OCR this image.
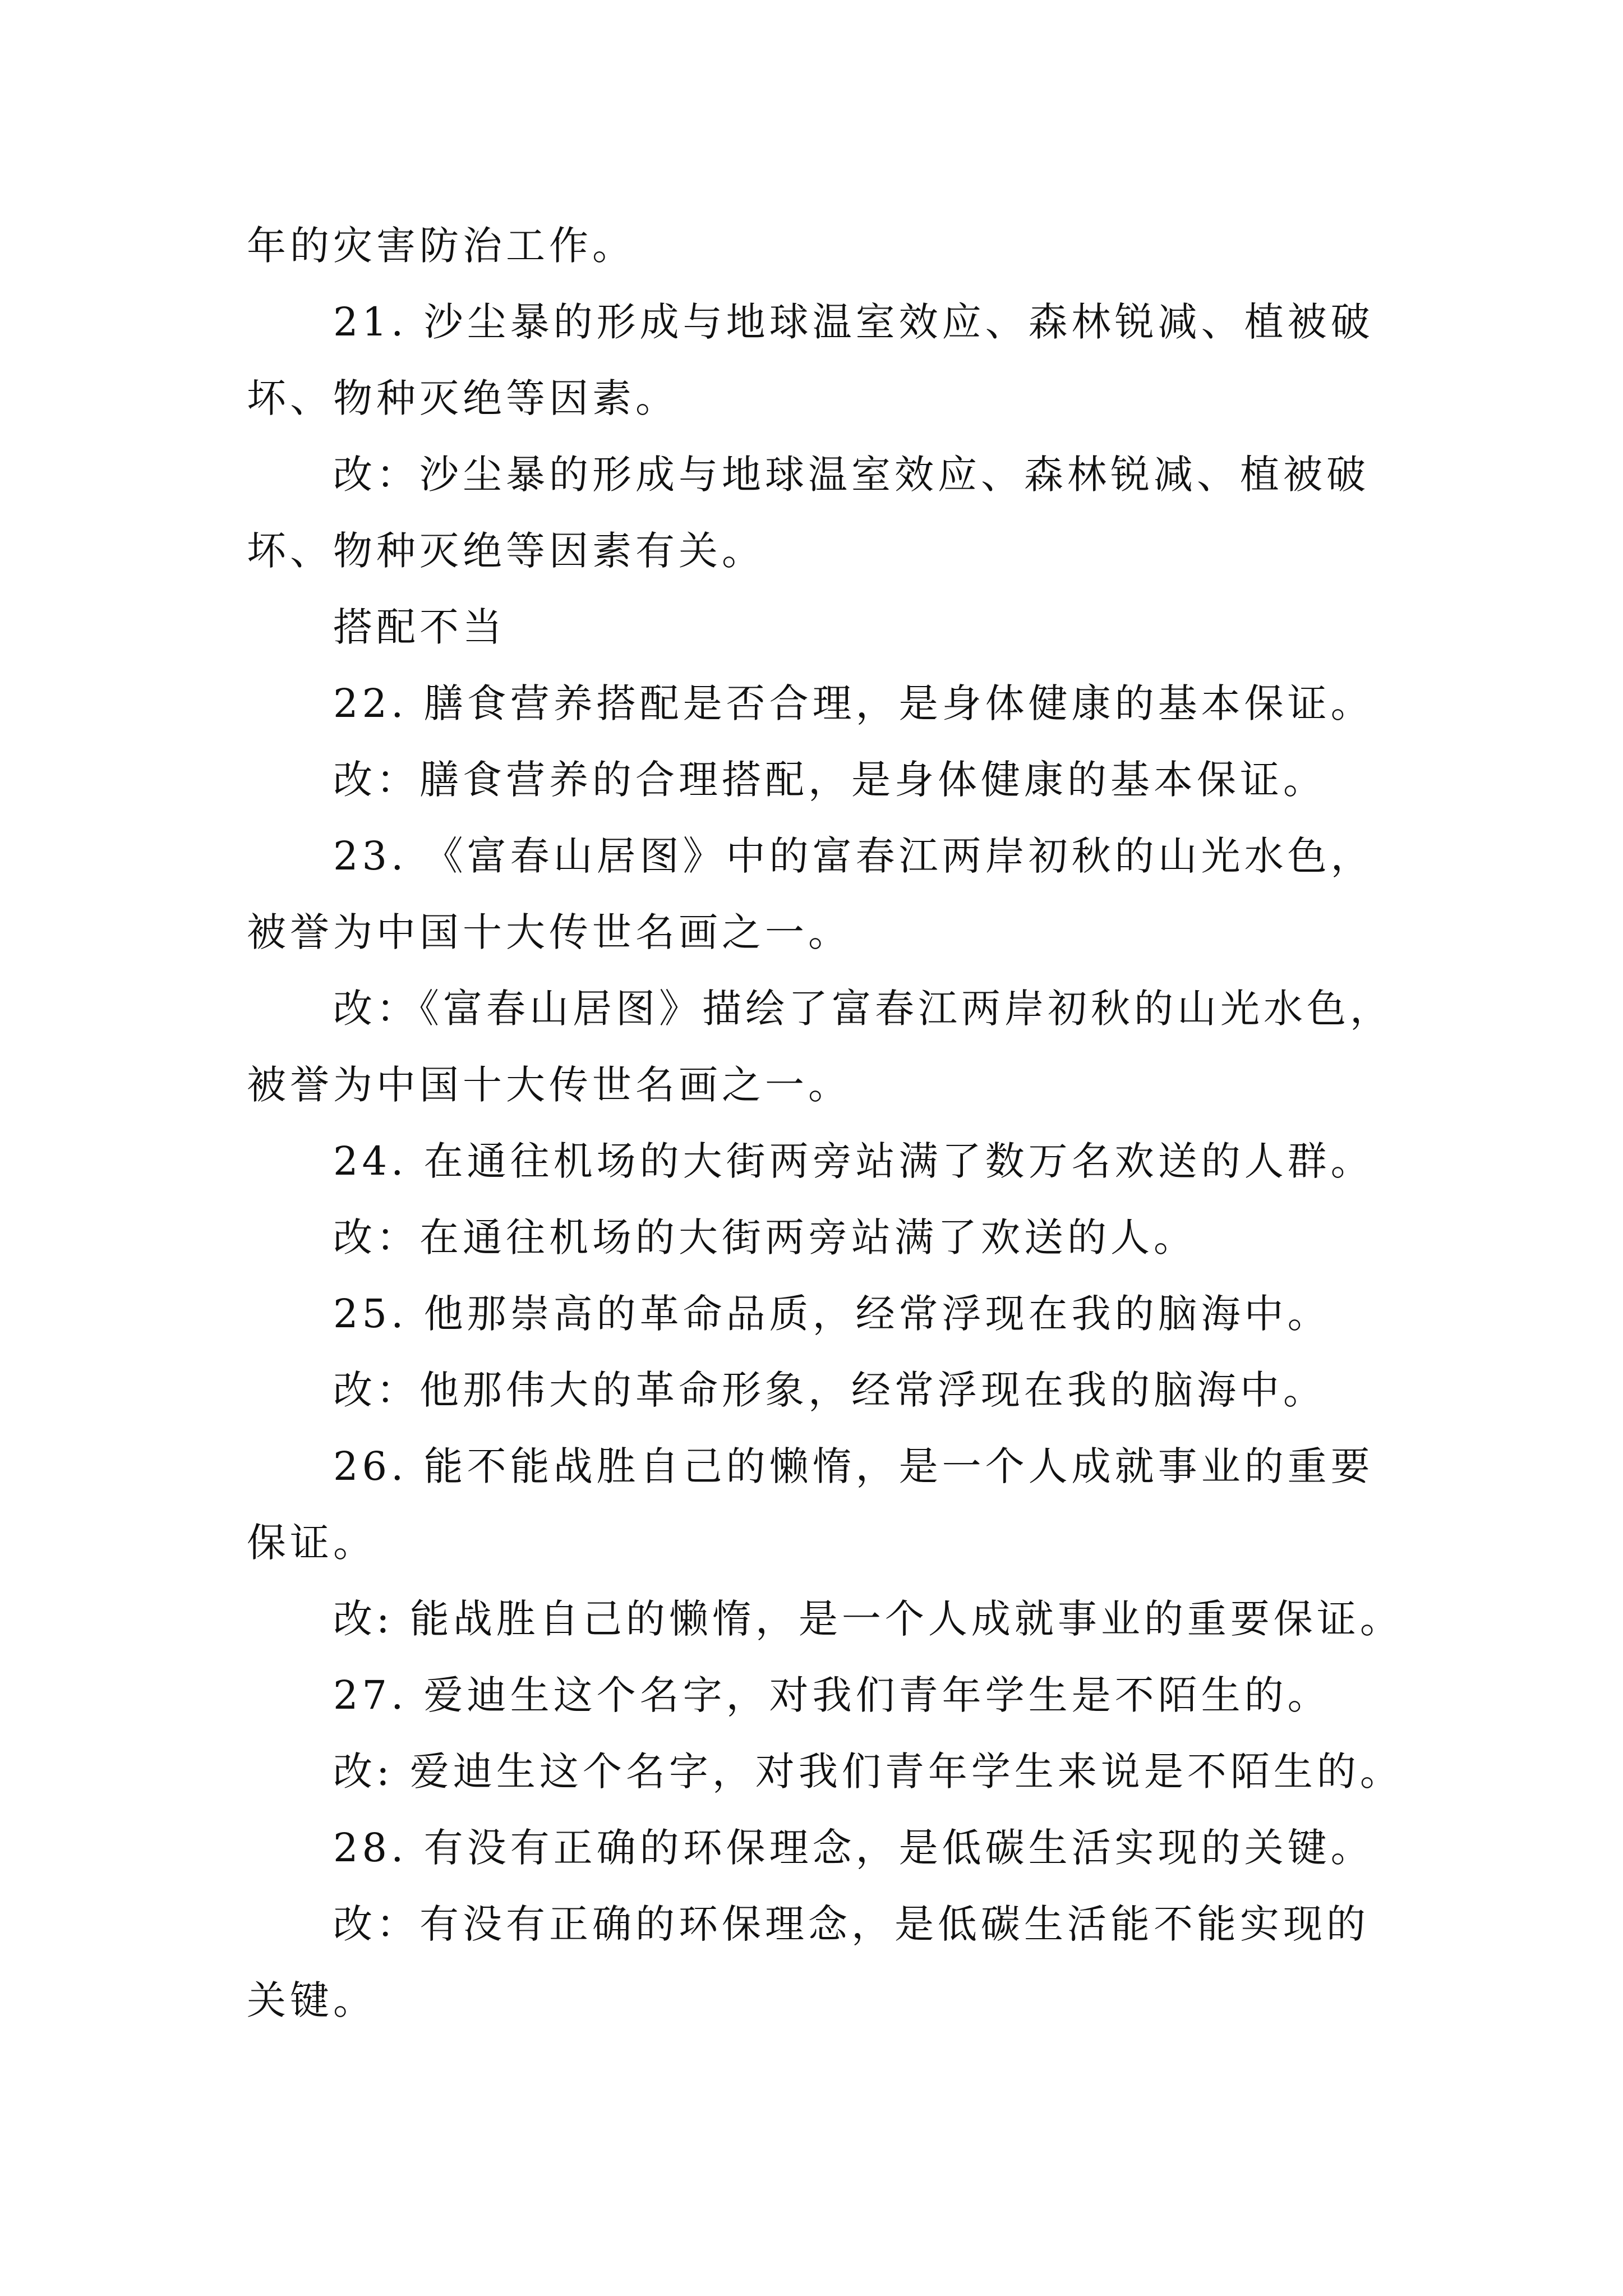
年的灾害防治工作。
21. 沙尘暴的形成与地球温室效应、森林锐减、植被破
坏、物种灭绝等因素。
改：沙尘暴的形成与地球温室效应、森林锐减、植被破
坏、物种灭绝等因素有关。
搭配不当
22. 膳食营养搭配是否合理，是身体健康的基本保证。
改：膳食营养的合理搭配，是身体健康的基本保证。
23. 《富春山居图》中的富春江两岸初秋的山光水色，
被誉为中国十大传世名画之一。
改：《富春山居图》描绘了富春江两岸初秋的山光水色，
被誉为中国十大传世名画之一。
24. 在通往机场的大街两旁站满了数万名欢送的人群。
改：在通往机场的大街两旁站满了欢送的人。
25. 他那崇高的革命品质，经常浮现在我的脑海中。
改：他那伟大的革命形象，经常浮现在我的脑海中。
26. 能不能战胜自己的懒惰，是一个人成就事业的重要
保证。
改: 能战胜自己的懒惰，是一个人成就事业的重要保证。
27. 爱迪生这个名字，对我们青年学生是不陌生的。
改: 爱迪生这个名字，对我们青年学生来说是不陌生的。
28. 有没有正确的环保理念，是低碳生活实现的关键。
改：有没有正确的环保理念，是低碳生活能不能实现的
关键。
